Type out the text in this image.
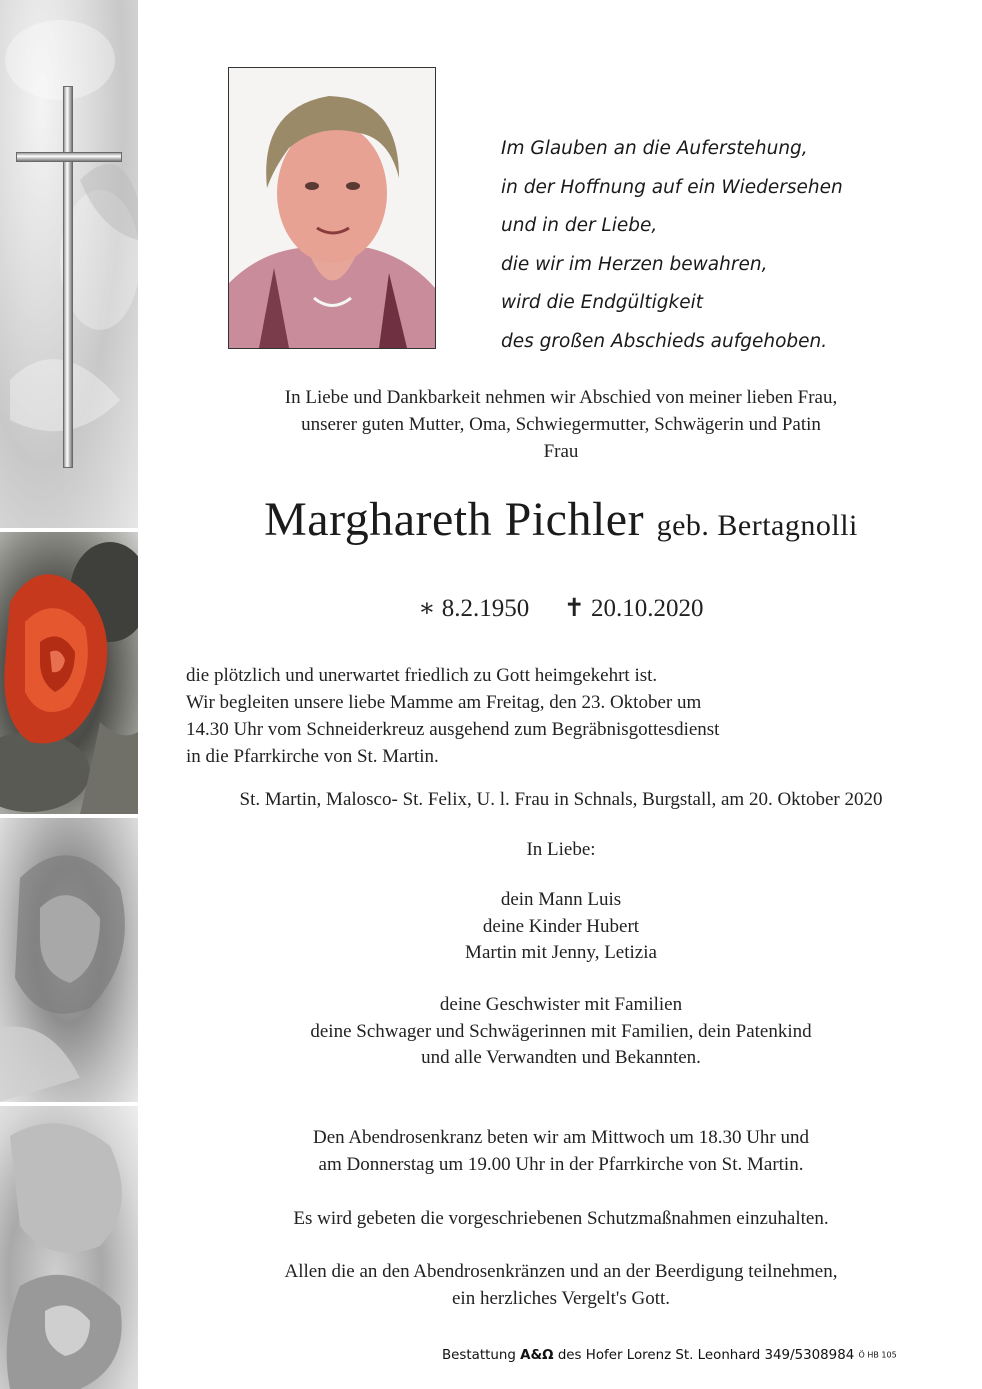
Im Glauben an die Auferstehung,
in der Hoffnung auf ein Wiedersehen
und in der Liebe,
die wir im Herzen bewahren,
wird die Endgültigkeit
des großen Abschieds aufgehoben.
In Liebe und Dankbarkeit nehmen wir Abschied von meiner lieben Frau,
unserer guten Mutter, Oma, Schwiegermutter, Schwägerin und Patin
Frau
Marghareth Pichler geb. Bertagnolli
∗ 8.2.1950 ✝ 20.10.2020
die plötzlich und unerwartet friedlich zu Gott heimgekehrt ist.
Wir begleiten unsere liebe Mamme am Freitag, den 23. Oktober um
14.30 Uhr vom Schneiderkreuz ausgehend zum Begräbnisgottesdienst
in die Pfarrkirche von St. Martin.
St. Martin, Malosco- St. Felix, U. l. Frau in Schnals, Burgstall, am 20. Oktober 2020
In Liebe:
dein Mann Luis
deine Kinder Hubert
Martin mit Jenny, Letizia
deine Geschwister mit Familien
deine Schwager und Schwägerinnen mit Familien, dein Patenkind
und alle Verwandten und Bekannten.
Den Abendrosenkranz beten wir am Mittwoch um 18.30 Uhr und
am Donnerstag um 19.00 Uhr in der Pfarrkirche von St. Martin.
Es wird gebeten die vorgeschriebenen Schutzmaßnahmen einzuhalten.
Allen die an den Abendrosenkränzen und an der Beerdigung teilnehmen,
ein herzliches Vergelt's Gott.
Bestattung A&Ω des Hofer Lorenz St. Leonhard 349/5308984 Ö HB 105
